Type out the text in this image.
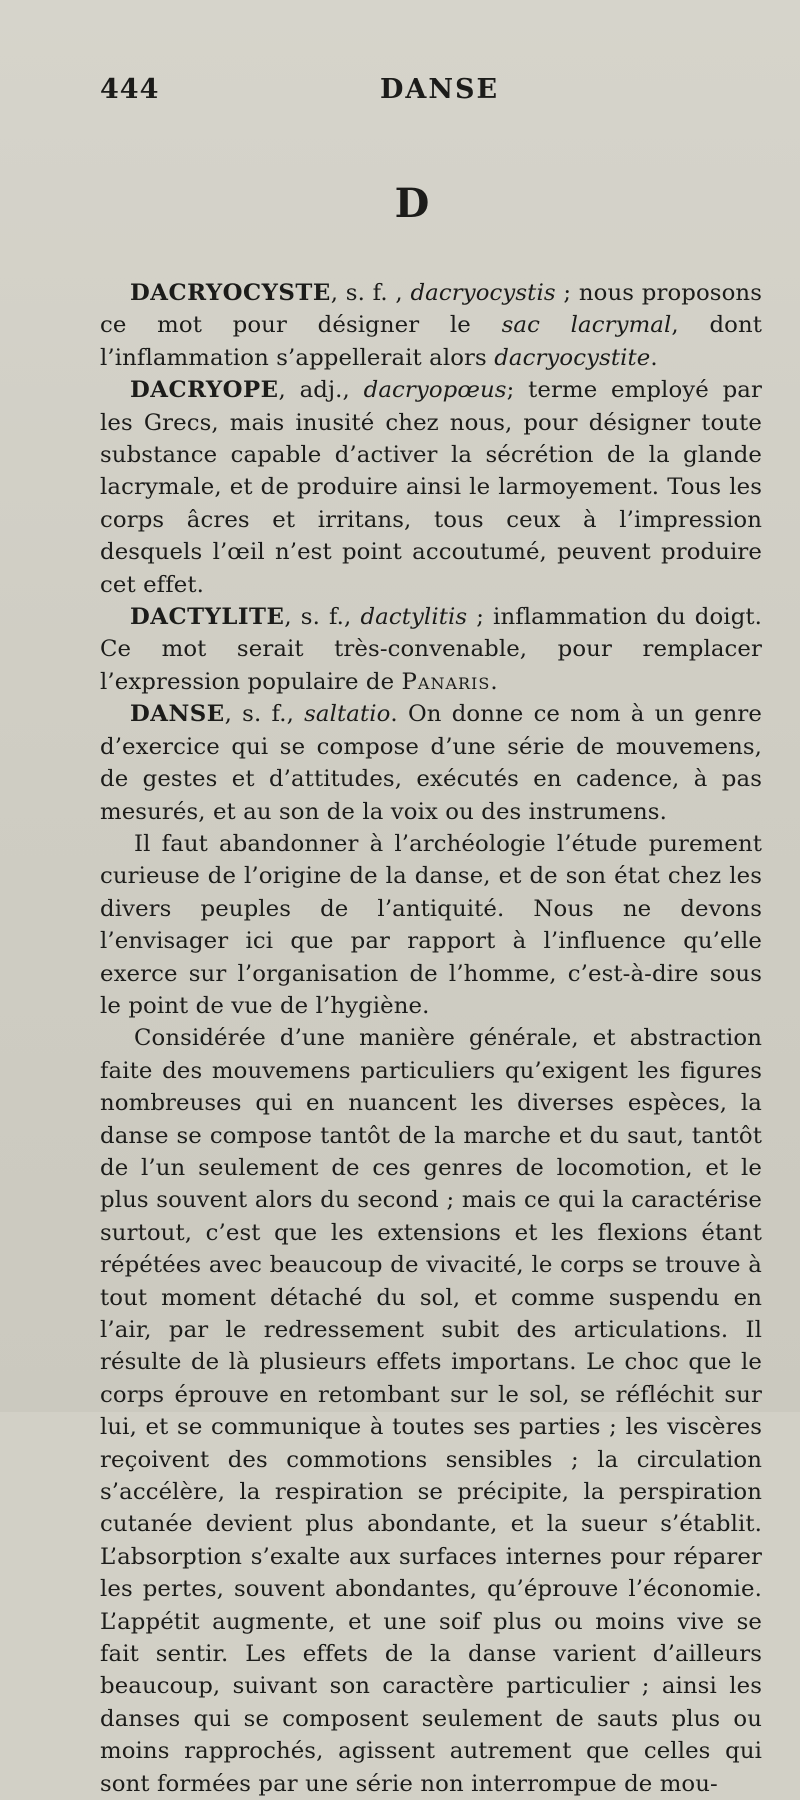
444	DANSE
D

DACRYOCYSTE, s. f. , dacryocystis ; nous proposons ce mot pour désigner le sac lacrymal, dont l’inflammation s’appellerait alors dacryocystite.

DACRYOPE, adj., dacryopœus; terme employé par les Grecs, mais inusité chez nous, pour désigner toute substance capable d’activer la sécrétion de la glande lacrymale, et de produire ainsi le larmoyement. Tous les corps âcres et irritans, tous ceux à l’impression desquels l’œil n’est point accoutumé, peuvent produire cet effet.

DACTYLITE, s. f., dactylitis ; inflammation du doigt. Ce mot serait très-convenable, pour remplacer l’expression populaire de Panaris.

DANSE, s. f., saltatio. On donne ce nom à un genre d’exercice qui se compose d’une série de mouvemens, de gestes et d’attitudes, exécutés en cadence, à pas mesurés, et au son de la voix ou des instrumens.

Il faut abandonner à l’archéologie l’étude purement curieuse de l’origine de la danse, et de son état chez les divers peuples de l’antiquité. Nous ne devons l’envisager ici que par rapport à l’influence qu’elle exerce sur l’organisation de l’homme, c’est-à-dire sous le point de vue de l’hygiène.

Considérée d’une manière générale, et abstraction faite des mouvemens particuliers qu’exigent les figures nombreuses qui en nuancent les diverses espèces, la danse se compose tantôt de la marche et du saut, tantôt de l’un seulement de ces genres de locomotion, et le plus souvent alors du second ; mais ce qui la caractérise surtout, c’est que les extensions et les flexions étant répétées avec beaucoup de vivacité, le corps se trouve à tout moment détaché du sol, et comme suspendu en l’air, par le redressement subit des articulations. Il résulte de là plusieurs effets importans. Le choc que le corps éprouve en retombant sur le sol, se réfléchit sur lui, et se communique à toutes ses parties ; les viscères reçoivent des commotions sensibles ; la circulation s’accélère, la respiration se précipite, la perspiration cutanée devient plus abondante, et la sueur s’établit. L’absorption s’exalte aux surfaces internes pour réparer les pertes, souvent abondantes, qu’éprouve l’économie. L’appétit augmente, et une soif plus ou moins vive se fait sentir. Les effets de la danse varient d’ailleurs beaucoup, suivant son caractère particulier ; ainsi les danses qui se composent seulement de sauts plus ou moins rapprochés, agissent autrement que celles qui sont formées par une série non interrompue de mou-
